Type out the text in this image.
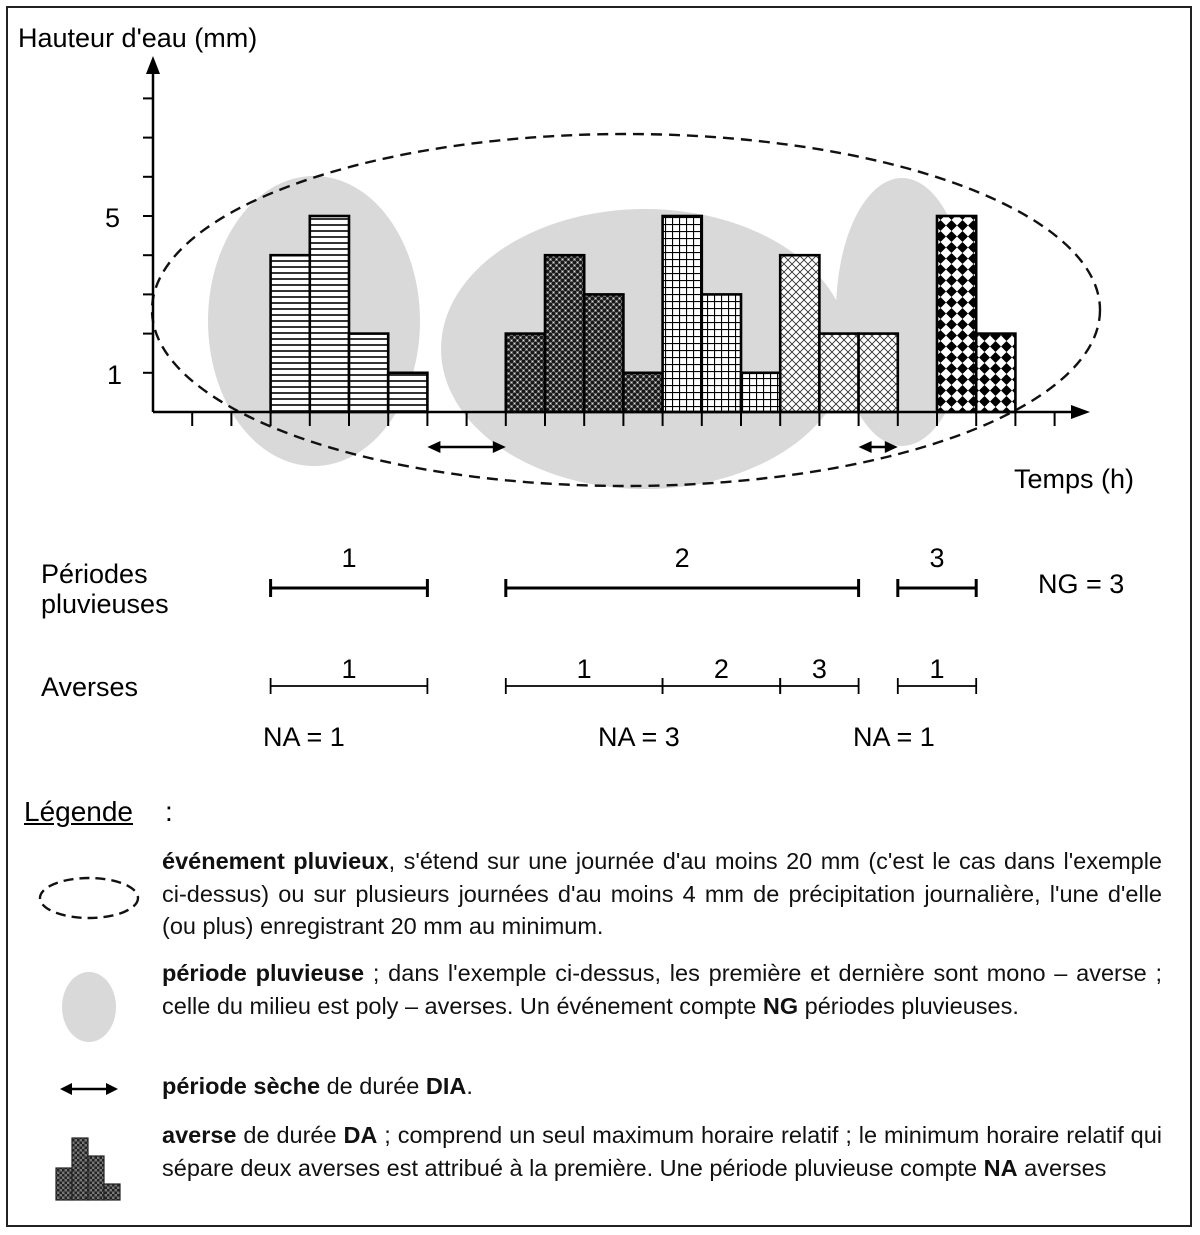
Hauteur d'eau (mm)
Temps (h)
5
1
Périodes
pluvieuses
Averses
NG = 3
1	2	3
1	1	2	3	1
NA = 1	NA = 3	NA = 1
Légende :
événement pluvieux, s'étend sur une journée d'au moins 20 mm (c'est le cas dans l'exemple ci-dessus) ou sur plusieurs journées d'au moins 4 mm de précipitation journalière, l'une d'elle (ou plus) enregistrant 20 mm au minimum.
période pluvieuse ; dans l'exemple ci-dessus, les première et dernière sont mono – averse ; celle du milieu est poly – averses. Un événement compte NG périodes pluvieuses.
période sèche de durée DIA.
averse de durée DA ; comprend un seul maximum horaire relatif ; le minimum horaire relatif qui sépare deux averses est attribué à la première. Une période pluvieuse compte NA averses
